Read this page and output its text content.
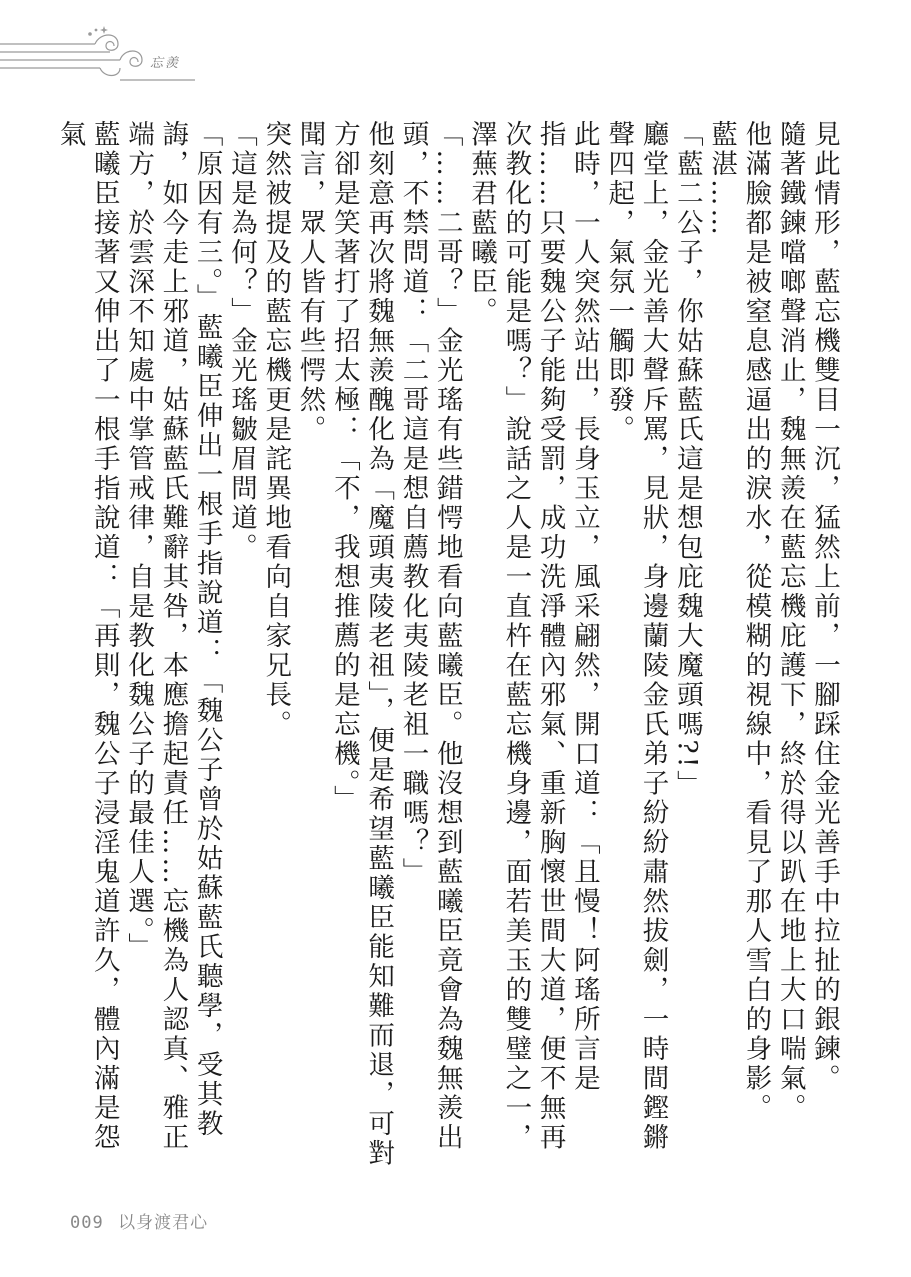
忘羨

見此情形，藍忘機雙目一沉，猛然上前，一腳踩住金光善手中拉扯的銀鍊。

隨著鐵鍊噹啷聲消止，魏無羨在藍忘機庇護下，終於得以趴在地上大口喘氣。

他滿臉都是被窒息感逼出的淚水，從模糊的視線中，看見了那人雪白的身影。

藍湛……

「藍二公子，你姑蘇藍氏這是想包庇魏大魔頭嗎?!」

廳堂上，金光善大聲斥罵，見狀，身邊蘭陵金氏弟子紛紛肅然拔劍，一時間鏗鏘聲四起，氣氛一觸即發。

此時，一人突然站出，長身玉立，風采翩然，開口道：「且慢！阿瑤所言是指……只要魏公子能夠受罰，成功洗淨體內邪氣、重新胸懷世間大道，便不無再次教化的可能是嗎？」說話之人是一直杵在藍忘機身邊，面若美玉的雙璧之一，澤蕪君藍曦臣。

「……二哥？」金光瑤有些錯愕地看向藍曦臣。他沒想到藍曦臣竟會為魏無羨出頭，不禁問道：「二哥這是想自薦教化夷陵老祖一職嗎？」

他刻意再次將魏無羨醜化為「魔頭夷陵老祖」，便是希望藍曦臣能知難而退，可對方卻是笑著打了招太極：「不，我想推薦的是忘機。」

聞言，眾人皆有些愕然。

突然被提及的藍忘機更是詫異地看向自家兄長。

「這是為何？」金光瑤皺眉問道。

「原因有三。」藍曦臣伸出一根手指說道：「魏公子曾於姑蘇藍氏聽學，受其教誨，如今走上邪道，姑蘇藍氏難辭其咎，本應擔起責任……忘機為人認真、雅正端方，於雲深不知處中掌管戒律，自是教化魏公子的最佳人選。」

藍曦臣接著又伸出了一根手指說道：「再則，魏公子浸淫鬼道許久，體內滿是怨氣

009 以身渡君心
